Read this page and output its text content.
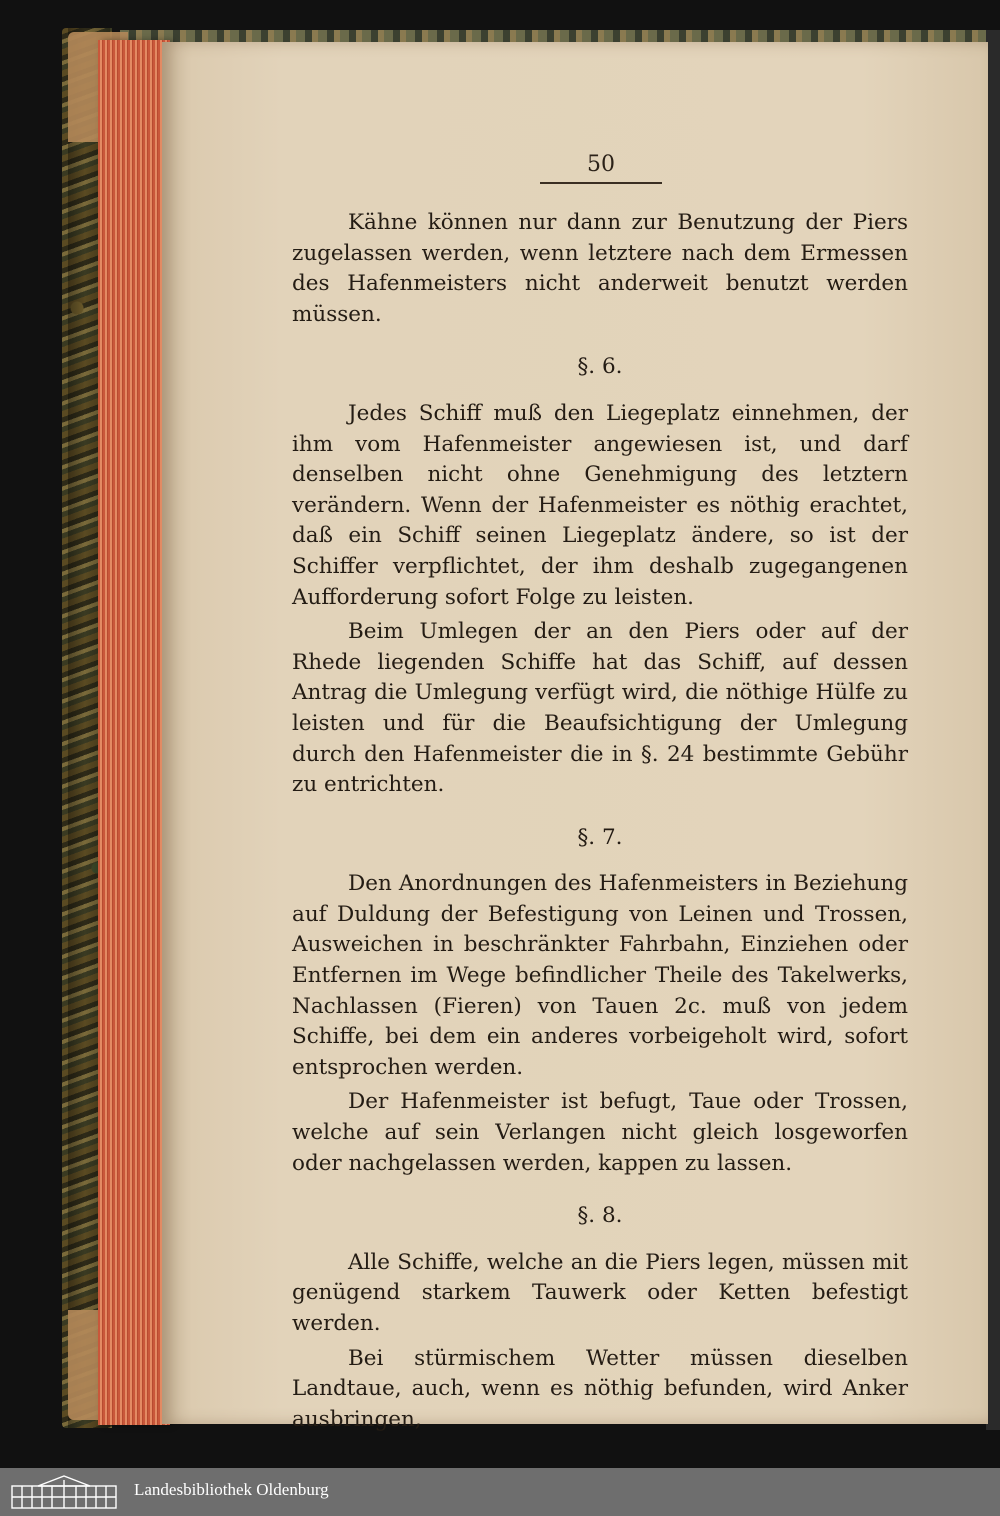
50

Kähne können nur dann zur Benutzung der Piers zugelassen werden, wenn letztere nach dem Ermessen des Hafenmeisters nicht anderweit benutzt werden müssen.

§. 6.

Jedes Schiff muß den Liegeplatz einnehmen, der ihm vom Hafenmeister angewiesen ist, und darf denselben nicht ohne Genehmigung des letztern verändern. Wenn der Hafenmeister es nöthig erachtet, daß ein Schiff seinen Liegeplatz ändere, so ist der Schiffer verpflichtet, der ihm deshalb zugegangenen Aufforderung sofort Folge zu leisten.

Beim Umlegen der an den Piers oder auf der Rhede liegenden Schiffe hat das Schiff, auf dessen Antrag die Umlegung verfügt wird, die nöthige Hülfe zu leisten und für die Beaufsichtigung der Umlegung durch den Hafenmeister die in §. 24 bestimmte Gebühr zu entrichten.

§. 7.

Den Anordnungen des Hafenmeisters in Beziehung auf Duldung der Befestigung von Leinen und Trossen, Ausweichen in beschränkter Fahrbahn, Einziehen oder Entfernen im Wege befindlicher Theile des Takelwerks, Nachlassen (Fieren) von Tauen 2c. muß von jedem Schiffe, bei dem ein anderes vorbeigeholt wird, sofort entsprochen werden.

Der Hafenmeister ist befugt, Taue oder Trossen, welche auf sein Verlangen nicht gleich losgeworfen oder nachgelassen werden, kappen zu lassen.

§. 8.

Alle Schiffe, welche an die Piers legen, müssen mit genügend starkem Tauwerk oder Ketten befestigt werden.

Bei stürmischem Wetter müssen dieselben Landtaue, auch, wenn es nöthig befunden, wird Anker ausbringen,

Landesbibliothek Oldenburg
